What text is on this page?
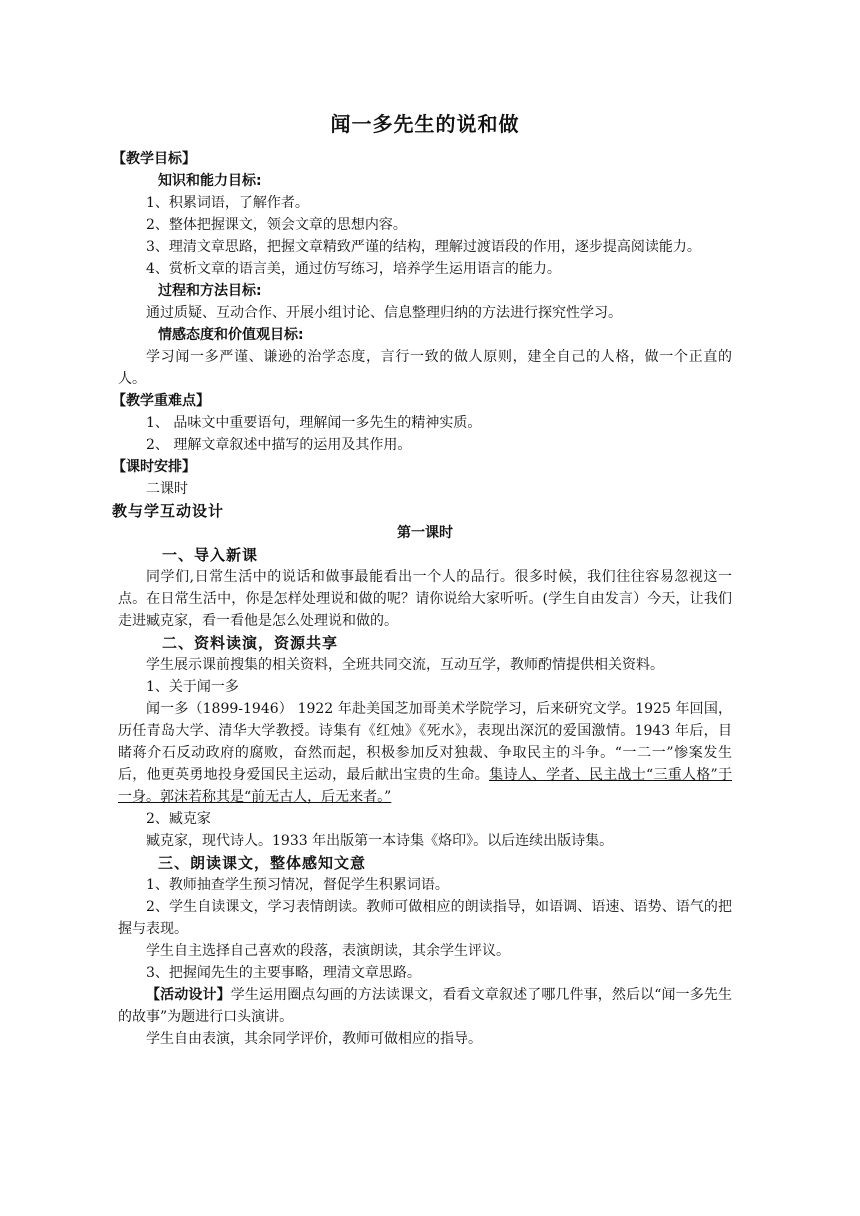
闻一多先生的说和做

【教学目标】

知识和能力目标:

1、积累词语，了解作者。

2、整体把握课文，领会文章的思想内容。

3、理清文章思路，把握文章精致严谨的结构，理解过渡语段的作用，逐步提高阅读能力。

4、赏析文章的语言美，通过仿写练习，培养学生运用语言的能力。

过程和方法目标:

通过质疑、互动合作、开展小组讨论、信息整理归纳的方法进行探究性学习。

情感态度和价值观目标:

学习闻一多严谨、谦逊的治学态度，言行一致的做人原则，建全自己的人格，做一个正直的人。

【教学重难点】

1、 品味文中重要语句，理解闻一多先生的精神实质。

2、 理解文章叙述中描写的运用及其作用。

【课时安排】

二课时

教与学互动设计

第一课时

一、导入新课

同学们,日常生活中的说话和做事最能看出一个人的品行。很多时候，我们往往容易忽视这一点。在日常生活中，你是怎样处理说和做的呢？请你说给大家听听。(学生自由发言）今天，让我们走进臧克家，看一看他是怎么处理说和做的。

二、资料读演，资源共享

学生展示课前搜集的相关资料，全班共同交流，互动互学，教师酌情提供相关资料。

1、关于闻一多

闻一多（1899-1946） 1922 年赴美国芝加哥美术学院学习，后来研究文学。1925 年回国，历任青岛大学、清华大学教授。诗集有《红烛》《死水》，表现出深沉的爱国激情。1943 年后，目睹蒋介石反动政府的腐败，奋然而起，积极参加反对独裁、争取民主的斗争。“一二一”惨案发生后，他更英勇地投身爱国民主运动，最后献出宝贵的生命。集诗人、学者、民主战士“三重人格”于一身。郭沫若称其是“前无古人，后无来者。”

2、臧克家

臧克家，现代诗人。1933 年出版第一本诗集《烙印》。以后连续出版诗集。

三、朗读课文，整体感知文意

1、教师抽查学生预习情况，督促学生积累词语。

2、学生自读课文，学习表情朗读。教师可做相应的朗读指导，如语调、语速、语势、语气的把握与表现。

学生自主选择自己喜欢的段落，表演朗读，其余学生评议。

3、把握闻先生的主要事略，理清文章思路。

【活动设计】学生运用圈点勾画的方法读课文，看看文章叙述了哪几件事，然后以“闻一多先生的故事”为题进行口头演讲。

学生自由表演，其余同学评价，教师可做相应的指导。
